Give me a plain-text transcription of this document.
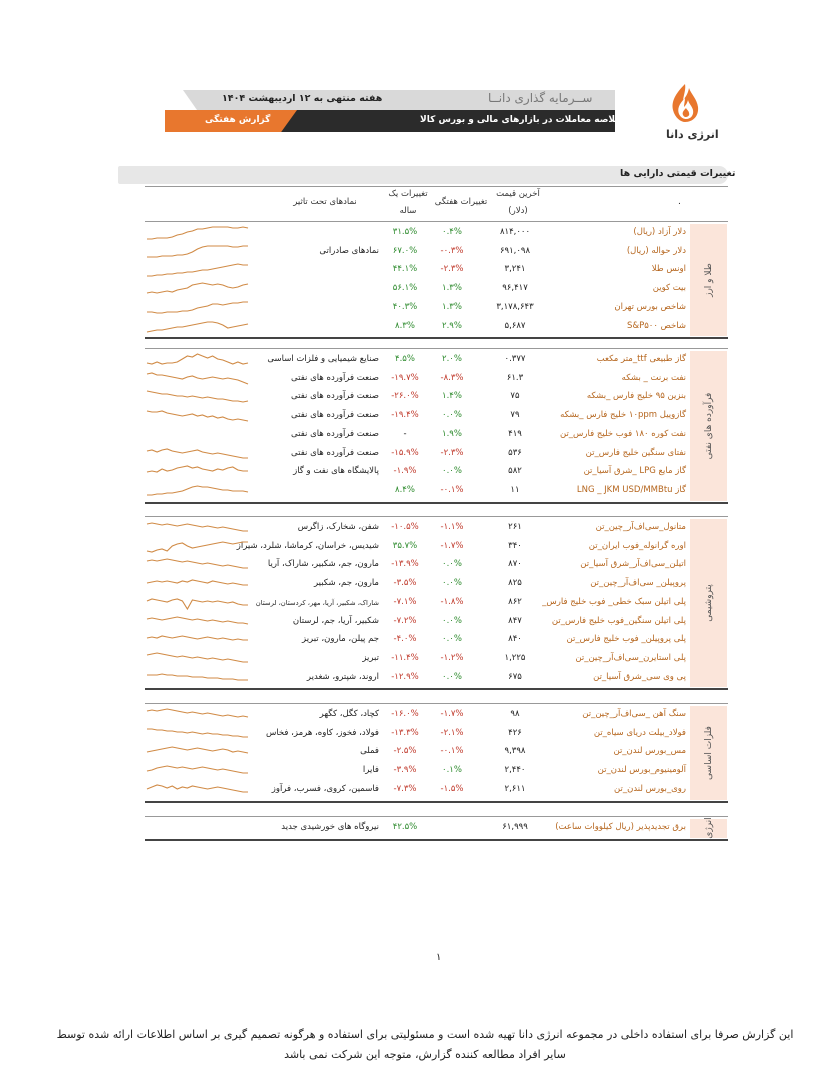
هفته منتهی به ۱۲ اردیبهشت ۱۴۰۴	ســرمایه گذاری دانــا
خلاصه معاملات در بازارهای مالی و بورس کالا
گزارش هفتگی
انرژی دانا
تغییرات قیمتی دارایی ها
.
آخرین قیمت
(دلار)
تغییرات هفتگی
تغییرات یک
ساله
نمادهای تحت تاثیر
طلا و ارز
دلار آزاد (ریال)
۸۱۴,۰۰۰
۰.۴%
۳۱.۵%
دلار حواله (ریال)
۶۹۱,۰۹۸
-۰.۳%
۶۷.۰%
نمادهای صادراتی
اونس طلا
۳,۲۴۱
-۲.۳%
۴۴.۱%
بیت کوین
۹۶,۴۱۷
۱.۳%
۵۶.۱%
شاخص بورس تهران
۳,۱۷۸,۶۴۳
۱.۳%
۴۰.۳%
شاخص S&P۵۰۰
۵,۶۸۷
۲.۹%
۸.۳%
فرآورده های نفتی
گاز طبیعی ttf_متر مکعب
۰.۳۷۷
۲.۰%
۴.۵%
صنایع شیمیایی و فلزات اساسی
نفت برنت _ بشکه
۶۱.۳
-۸.۳%
-۱۹.۷%
صنعت فرآورده های نفتی
بنزین ۹۵ خلیج فارس _بشکه
۷۵
۱.۴%
-۲۶.۰%
صنعت فرآورده های نفتی
گازوییل ۱۰ppm خلیج فارس _بشکه
۷۹
۰.۰%
-۱۹.۴%
صنعت فرآورده های نفتی
نفت کوره ۱۸۰ فوب خلیج فارس_تن
۴۱۹
۱.۹%
-
صنعت فرآورده های نفتی
نفتای سنگین خلیج فارس_تن
۵۳۶
-۲.۳%
-۱۵.۹%
صنعت فرآورده های نفتی
گاز مایع LPG _شرق آسیا_تن
۵۸۲
۰.۰%
-۱.۹%
پالایشگاه های نفت و گاز
گاز LNG _ JKM USD/MMBtu
۱۱
-۰.۱%
۸.۴%
پتروشیمی
متانول_سی‌اف‌آر_چین_تن
۲۶۱
-۱.۱%
-۱۰.۵%
شفن، شخارک، زاگرس
اوره گرانوله_فوب ایران_تن
۳۴۰
-۱.۷%
۳۵.۷%
شیدیس، خراسان، کرماشا، شلرد، شیراز
اتیلن_سی‌اف‌آر_شرق آسیا_تن
۸۷۰
۰.۰%
-۱۳.۹%
مارون، جم، شکبیر، شاراک، آریا
پروپیلن_ سی‌اف‌آر_چین_تن
۸۲۵
۰.۰%
-۳.۵%
مارون، جم، شکبیر
پلی اتیلن سبک خطی_ فوب خلیج فارس_
۸۶۲
-۱.۸%
-۷.۱%
شاراک، شکبیر، آریا، مهر، کردستان، لرستان
پلی اتیلن سنگین_فوب خلیج فارس_تن
۸۴۷
۰.۰%
-۷.۲%
شکبیر، آریا، جم، لرستان
پلی پروپیلن_ فوب خلیج فارس_تن
۸۴۰
۰.۰%
-۴.۰%
جم پیلن، مارون، تبریز
پلی استایرن_سی‌اف‌آر_چین_تن
۱,۲۲۵
-۱.۲%
-۱۱.۴%
تبریز
پی وی سی_شرق آسیا_تن
۶۷۵
۰.۰%
-۱۲.۹%
اروند، شپترو، شغدیر
فلزات اساسی
سنگ آهن _سی‌اف‌آر_چین_تن
۹۸
-۱.۷%
-۱۶.۰%
کچاد، کگل، کگهر
فولاد_بیلت دریای سیاه_تن
۴۲۶
-۲.۱%
-۱۳.۳%
فولاد، فخوز، کاوه، هرمز، فخاس
مس_بورس لندن_تن
۹,۳۹۸
-۰.۱%
-۲.۵%
فملی
آلومینیوم_بورس لندن_تن
۲,۴۴۰
۰.۱%
-۳.۹%
فایرا
روی_بورس لندن_تن
۲,۶۱۱
-۱.۵%
-۷.۳%
فاسمین، کروی، فسرب، فرآوز
انرژی
برق تجدیدپذیر (ریال کیلووات ساعت)
۶۱,۹۹۹
۴۲.۵%
نیروگاه های خورشیدی جدید
۱
این گزارش صرفا برای استفاده داخلی در مجموعه انرژی دانا تهیه شده است و مسئولیتی برای استفاده و هرگونه تصمیم گیری بر اساس اطلاعات ارائه شده توسط
سایر افراد مطالعه کننده گزارش، متوجه این شرکت نمی باشد
